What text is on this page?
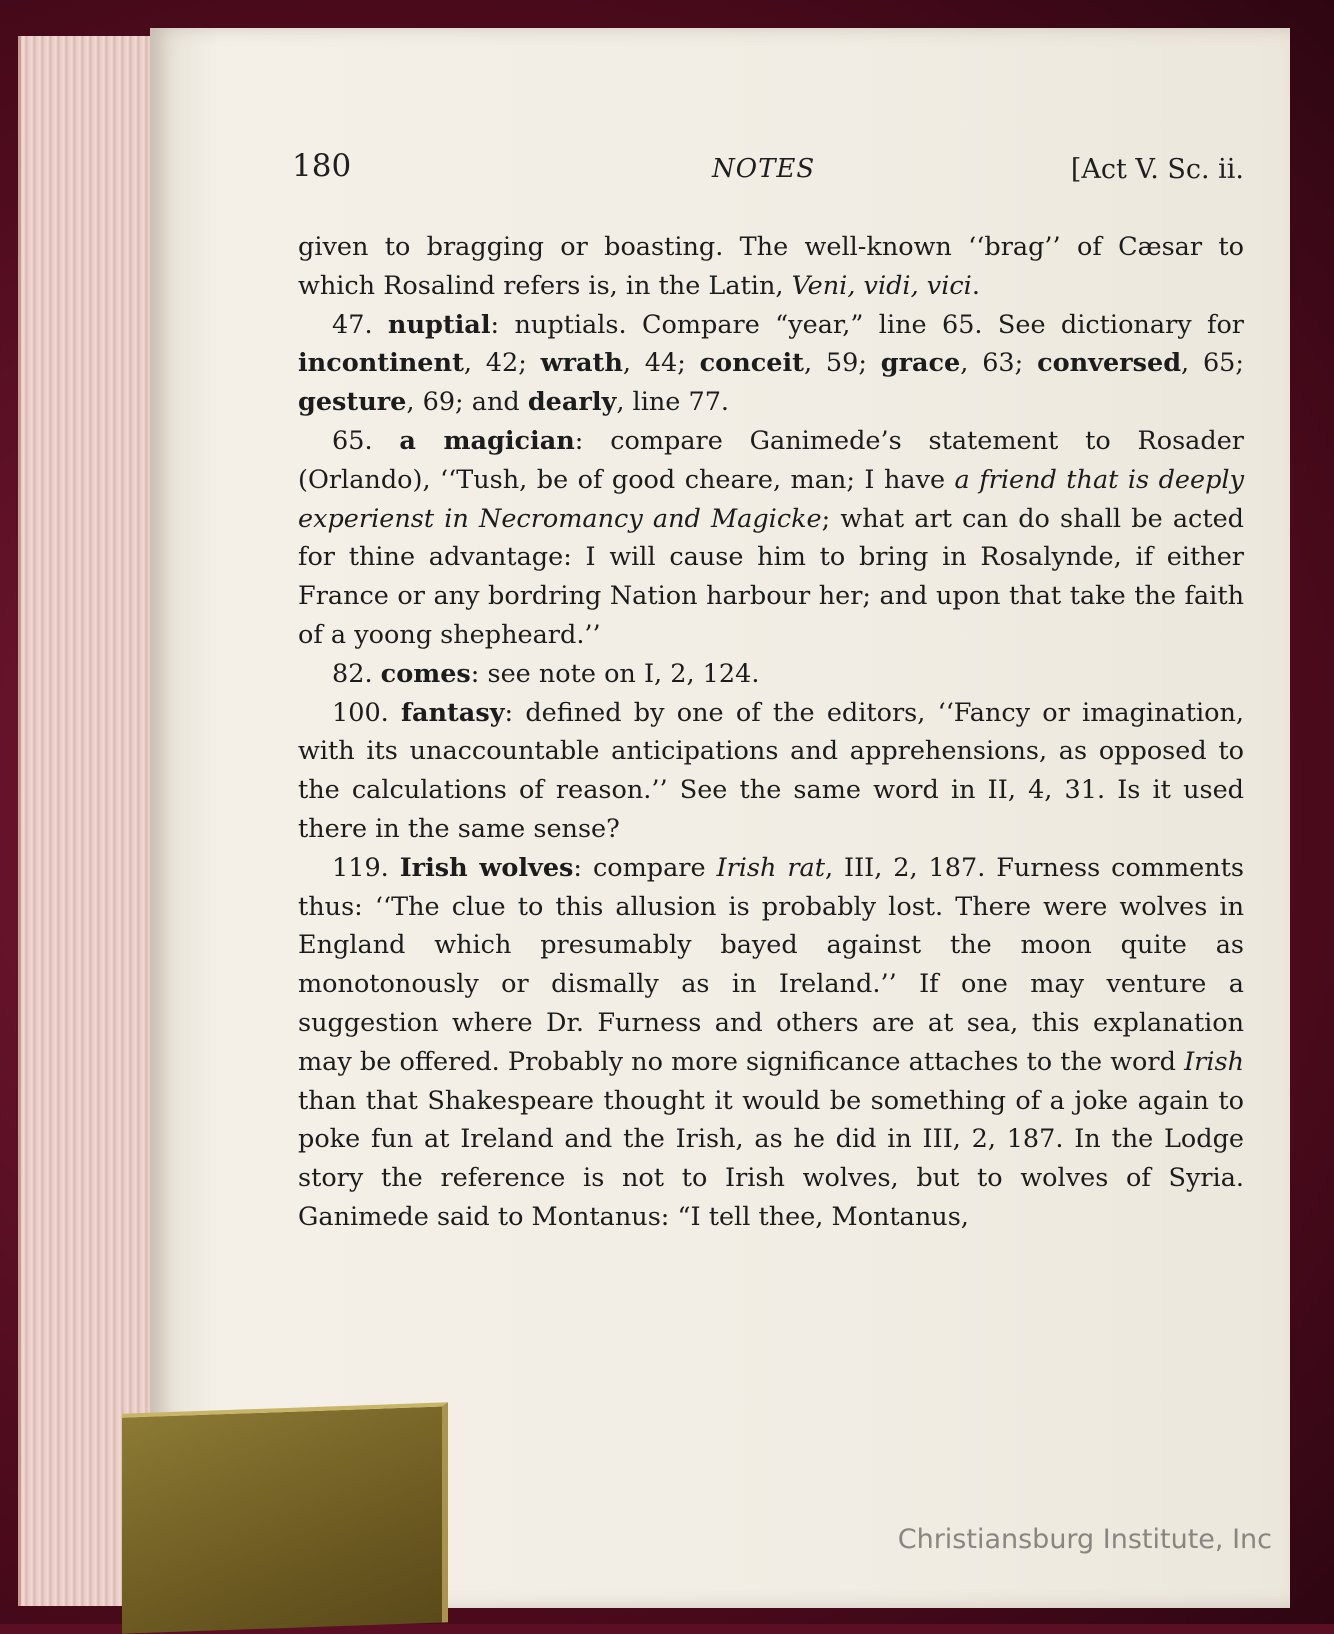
180	NOTES	[Act V. Sc. ii.

given to bragging or boasting. The well-known ‘‘brag’’ of Cæsar to which Rosalind refers is, in the Latin, Veni, vidi, vici.

47. nuptial: nuptials. Compare “year,” line 65. See dictionary for incontinent, 42; wrath, 44; conceit, 59; grace, 63; conversed, 65; gesture, 69; and dearly, line 77.

65. a magician: compare Ganimede’s statement to Rosader (Orlando), ‘‘Tush, be of good cheare, man; I have a friend that is deeply experienst in Necromancy and Magicke; what art can do shall be acted for thine advantage: I will cause him to bring in Rosalynde, if either France or any bordring Nation harbour her; and upon that take the faith of a yoong shepheard.’’

82. comes: see note on I, 2, 124.

100. fantasy: defined by one of the editors, ‘‘Fancy or imagination, with its unaccountable anticipations and apprehensions, as opposed to the calculations of reason.’’ See the same word in II, 4, 31. Is it used there in the same sense?

119. Irish wolves: compare Irish rat, III, 2, 187. Furness comments thus: ‘‘The clue to this allusion is probably lost. There were wolves in England which presumably bayed against the moon quite as monotonously or dismally as in Ireland.’’ If one may venture a suggestion where Dr. Furness and others are at sea, this explanation may be offered. Probably no more significance attaches to the word Irish than that Shakespeare thought it would be something of a joke again to poke fun at Ireland and the Irish, as he did in III, 2, 187. In the Lodge story the reference is not to Irish wolves, but to wolves of Syria. Ganimede said to Montanus: “I tell thee, Montanus,

Christiansburg Institute, Inc
